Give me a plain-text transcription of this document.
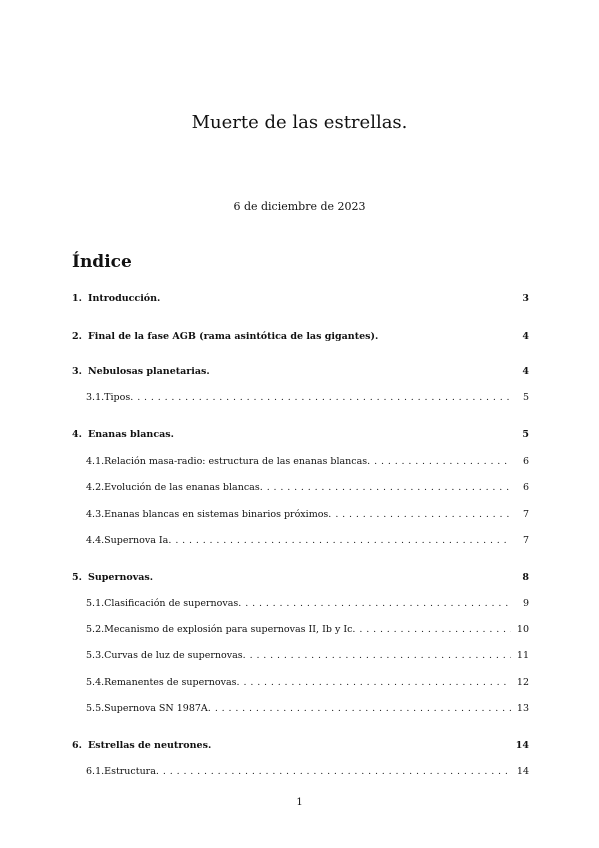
Muerte de las estrellas.
6 de diciembre de 2023
Índice
1. Introducción.	3
2. Final de la fase AGB (rama asintótica de las gigantes).	4
3. Nebulosas planetarias.	4
3.1. Tipos. . . .	5
4. Enanas blancas.	5
4.1. Relación masa-radio: estructura de las enanas blancas. . . .	6
4.2. Evolución de las enanas blancas. . . .	6
4.3. Enanas blancas en sistemas binarios próximos. . . .	7
4.4. Supernova Ia. . . .	7
5. Supernovas.	8
5.1. Clasificación de supernovas. . . .	9
5.2. Mecanismo de explosión para supernovas II, Ib y Ic. . . .	10
5.3. Curvas de luz de supernovas. . . .	11
5.4. Remanentes de supernovas. . . .	12
5.5. Supernova SN 1987A. . . .	13
6. Estrellas de neutrones.	14
6.1. Estructura. . . .	14
1
